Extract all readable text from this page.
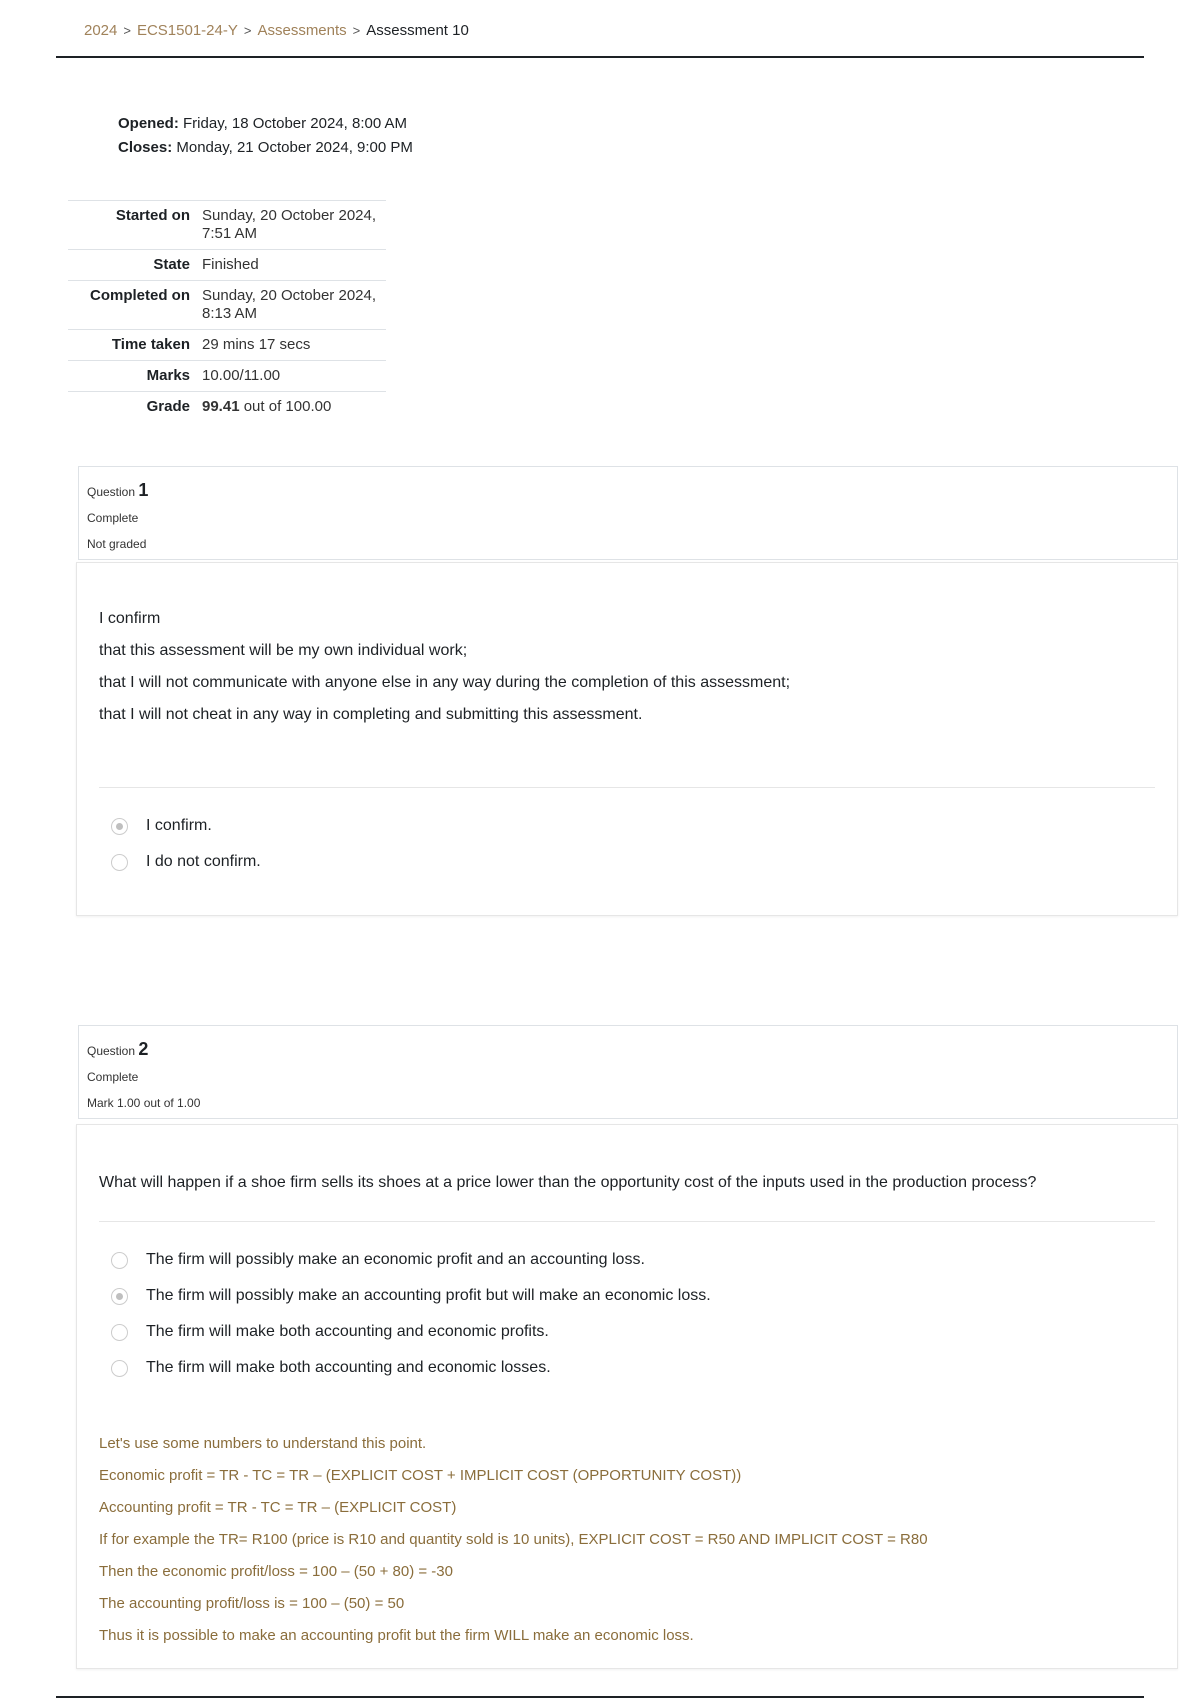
2024 > ECS1501-24-Y > Assessments > Assessment 10
Opened: Friday, 18 October 2024, 8:00 AM
Closes: Monday, 21 October 2024, 9:00 PM
Started on	Sunday, 20 October 2024, 7:51 AM
State	Finished
Completed on	Sunday, 20 October 2024, 8:13 AM
Time taken	29 mins 17 secs
Marks	10.00/11.00
Grade	99.41 out of 100.00
Question 1
Complete
Not graded
I confirm
that this assessment will be my own individual work;
that I will not communicate with anyone else in any way during the completion of this assessment;
that I will not cheat in any way in completing and submitting this assessment.
I confirm.
I do not confirm.
Question 2
Complete
Mark 1.00 out of 1.00
What will happen if a shoe firm sells its shoes at a price lower than the opportunity cost of the inputs used in the production process?
The firm will possibly make an economic profit and an accounting loss.
The firm will possibly make an accounting profit but will make an economic loss.
The firm will make both accounting and economic profits.
The firm will make both accounting and economic losses.
Let's use some numbers to understand this point.
Economic profit = TR - TC = TR – (EXPLICIT COST + IMPLICIT COST (OPPORTUNITY COST))
Accounting profit = TR - TC = TR – (EXPLICIT COST)
If for example the TR= R100 (price is R10 and quantity sold is 10 units), EXPLICIT COST = R50 AND IMPLICIT COST = R80
Then the economic profit/loss = 100 – (50 + 80) = -30
The accounting profit/loss is = 100 – (50) = 50
Thus it is possible to make an accounting profit but the firm WILL make an economic loss.
